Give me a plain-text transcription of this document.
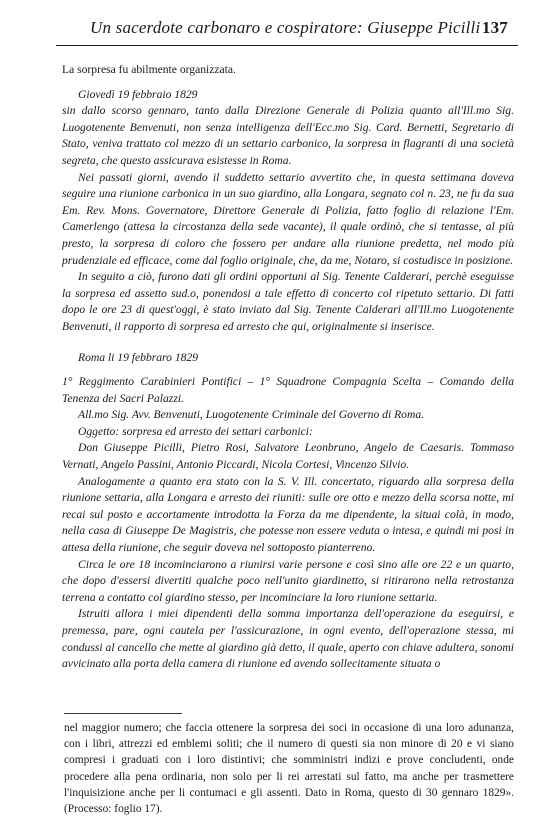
Un sacerdote carbonaro e cospiratore: Giuseppe Picilli 137

La sorpresa fu abilmente organizzata.

Giovedì 19 febbraio 1829

sin dallo scorso gennaro, tanto dalla Direzione Generale di Polizia quanto all'Ill.mo Sig. Luogotenente Benvenuti, non senza intelligenza dell'Ecc.mo Sig. Card. Bernetti, Segretario di Stato, veniva trattato col mezzo di un settario carbonico, la sorpresa in flagranti di una società segreta, che questo assicurava esistesse in Roma.

Nei passati giorni, avendo il suddetto settario avvertito che, in questa settimana doveva seguire una riunione carbonica in un suo giardino, alla Longara, segnato col n. 23, ne fu da sua Em. Rev. Mons. Governatore, Direttore Generale di Polizia, fatto foglio di relazione l'Em. Camerlengo (attesa la circostanza della sede vacante), il quale ordinò, che si tentasse, al più presto, la sorpresa di coloro che fossero per andare alla riunione predetta, nel modo più prudenziale ed efficace, come dal foglio originale, che, da me, Notaro, si costudisce in posizione.

In seguito a ciò, furono dati gli ordini opportuni al Sig. Tenente Calderari, perchè eseguisse la sorpresa ed assetto sud.o, ponendosi a tale effetto di concerto col ripetuto settario. Di fatti dopo le ore 23 di quest'oggi, è stato inviato dal Sig. Tenente Calderari all'Ill.mo Luogotenente Benvenuti, il rapporto di sorpresa ed arresto che qui, originalmente si inserisce.

Roma li 19 febbraro 1829

1° Reggimento Carabinieri Pontifici – 1° Squadrone Compagnia Scelta – Comando della Tenenza dei Sacri Palazzi.

All.mo Sig. Avv. Benvenuti, Luogotenente Criminale del Governo di Roma.

Oggetto: sorpresa ed arresto dei settari carbonici:

Don Giuseppe Picilli, Pietro Rosi, Salvatore Leonbruno, Angelo de Caesaris. Tommaso Vernati, Angelo Passini, Antonio Piccardi, Nicola Cortesi, Vincenzo Silvio.

Analogamente a quanto era stato con la S. V. Ill. concertato, riguardo alla sorpresa della riunione settaria, alla Longara e arresto dei riuniti: sulle ore otto e mezzo della scorsa notte, mi recai sul posto e accortamente introdotta la Forza da me dipendente, la situai colà, in modo, nella casa di Giuseppe De Magistris, che potesse non essere veduta o intesa, e quindi mi posi in attesa della riunione, che seguir doveva nel sottoposto pianterreno.

Circa le ore 18 incominciarono a riunirsi varie persone e così sino alle ore 22 e un quarto, che dopo d'essersi divertiti qualche poco nell'unito giardinetto, si ritirarono nella retrostanza terrena a contatto col giardino stesso, per incominciare la loro riunione settaria.

Istruiti allora i miei dipendenti della somma importanza dell'operazione da eseguirsi, e premessa, pare, ogni cautela per l'assicurazione, in ogni evento, dell'operazione stessa, mi condussi al cancello che mette al giardino già detto, il quale, aperto con chiave adultera, sonomi avvicinato alla porta della camera di riunione ed avendo sollecitamente situata o

nel maggior numero; che faccia ottenere la sorpresa dei soci in occasione di una loro adunanza, con i libri, attrezzi ed emblemi soliti; che il numero di questi sia non minore di 20 e vi siano compresi i graduati con i loro distintivi; che somministri indizi e prove concludenti, onde procedere alla pena ordinaria, non solo per li rei arrestati sul fatto, ma anche per trasmettere l'inquisizione anche per li contumaci e gli assenti. Dato in Roma, questo di 30 gennaro 1829». (Processo: foglio 17).
